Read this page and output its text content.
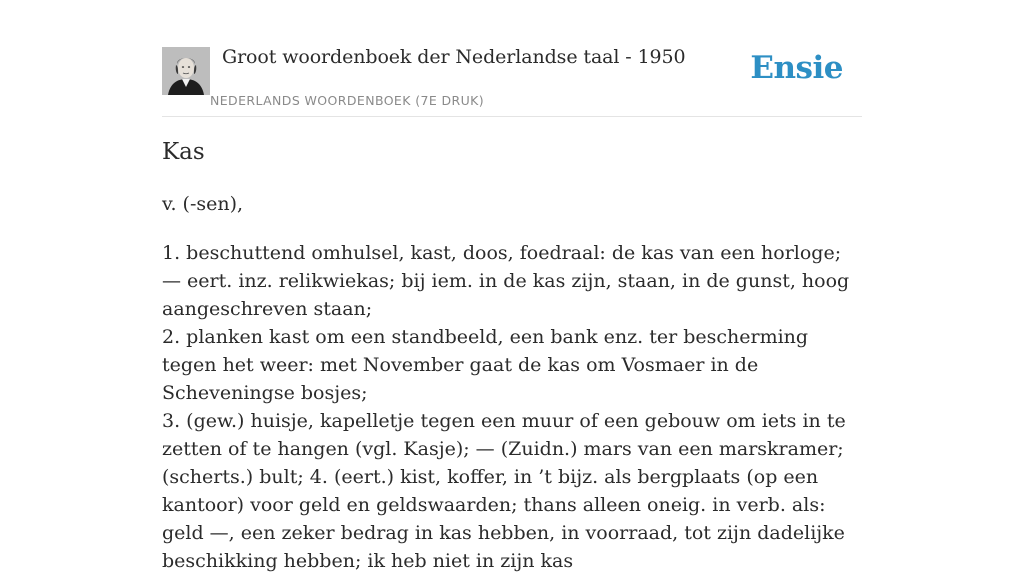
Groot woordenboek der Nederlandse taal - 1950
NEDERLANDS WOORDENBOEK (7E DRUK)
Ensie
Kas
v. (-sen),

1. beschuttend omhulsel, kast, doos, foedraal: de kas van een horloge; — eert. inz. relikwiekas; bij iem. in de kas zijn, staan, in de gunst, hoog aangeschreven staan;

2. planken kast om een standbeeld, een bank enz. ter bescherming tegen het weer: met November gaat de kas om Vosmaer in de Scheveningse bosjes;

3. (gew.) huisje, kapelletje tegen een muur of een gebouw om iets in te zetten of te hangen (vgl. Kasje); — (Zuidn.) mars van een marskramer; (scherts.) bult; 4. (eert.) kist, koffer, in ’t bijz. als bergplaats (op een kantoor) voor geld en geldswaarden; thans alleen oneig. in verb. als: geld —, een zeker bedrag in kas hebben, in voorraad, tot zijn dadelijke beschikking hebben; ik heb niet in zijn kas
